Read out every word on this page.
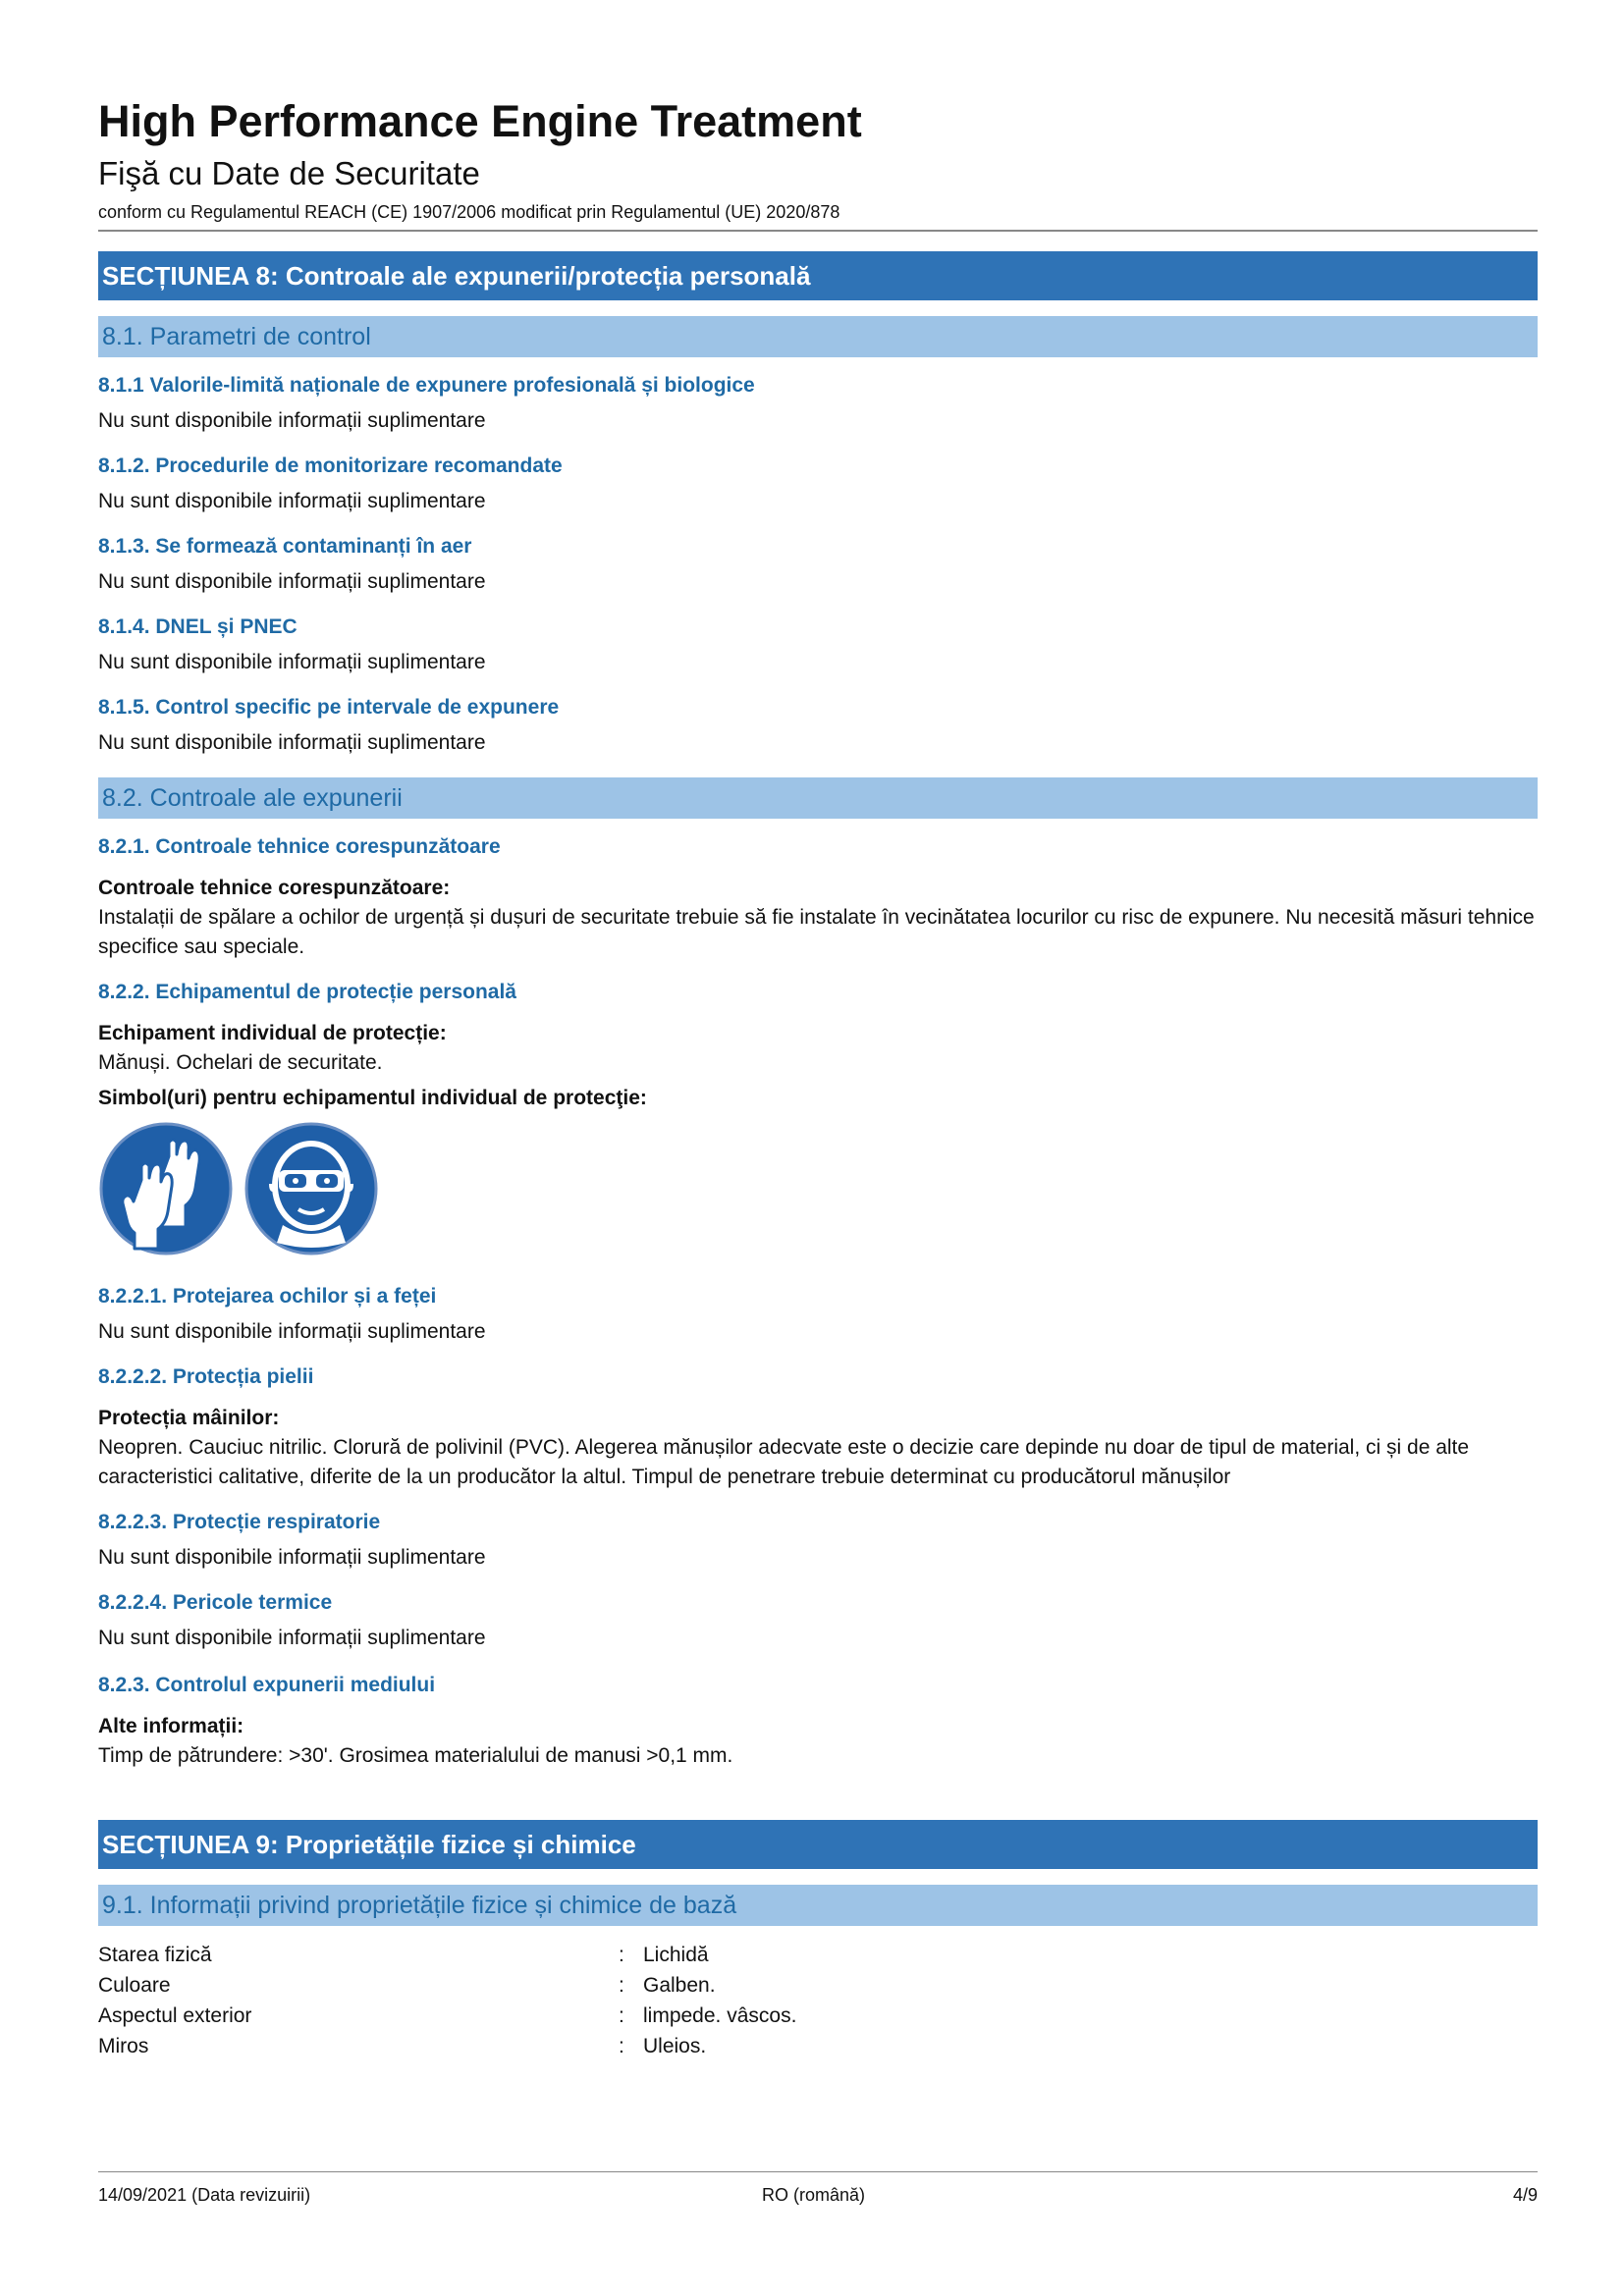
High Performance Engine Treatment
Fişă cu Date de Securitate
conform cu Regulamentul REACH (CE) 1907/2006 modificat prin Regulamentul (UE) 2020/878
SECȚIUNEA 8: Controale ale expunerii/protecția personală
8.1. Parametri de control
8.1.1 Valorile-limită naționale de expunere profesională și biologice
Nu sunt disponibile informații suplimentare
8.1.2. Procedurile de monitorizare recomandate
Nu sunt disponibile informații suplimentare
8.1.3. Se formează contaminanți în aer
Nu sunt disponibile informații suplimentare
8.1.4. DNEL și PNEC
Nu sunt disponibile informații suplimentare
8.1.5. Control specific pe intervale de expunere
Nu sunt disponibile informații suplimentare
8.2. Controale ale expunerii
8.2.1. Controale tehnice corespunzătoare
Controale tehnice corespunzătoare:
Instalații de spălare a ochilor de urgență și dușuri de securitate trebuie să fie instalate în vecinătatea locurilor cu risc de expunere. Nu necesită măsuri tehnice specifice sau speciale.
8.2.2. Echipamentul de protecție personală
Echipament individual de protecție:
Mănuși. Ochelari de securitate.
Simbol(uri) pentru echipamentul individual de protecţie:
8.2.2.1. Protejarea ochilor și a feței
Nu sunt disponibile informații suplimentare
8.2.2.2. Protecția pielii
Protecția mâinilor:
Neopren. Cauciuc nitrilic. Clorură de polivinil (PVC). Alegerea mănușilor adecvate este o decizie care depinde nu doar de tipul de material, ci și de alte caracteristici calitative, diferite de la un producător la altul. Timpul de penetrare trebuie determinat cu producătorul mănușilor
8.2.2.3. Protecție respiratorie
Nu sunt disponibile informații suplimentare
8.2.2.4. Pericole termice
Nu sunt disponibile informații suplimentare
8.2.3. Controlul expunerii mediului
Alte informații:
Timp de pătrundere: >30'. Grosimea materialului de manusi >0,1 mm.
SECȚIUNEA 9: Proprietățile fizice și chimice
9.1. Informații privind proprietățile fizice și chimice de bază
Starea fizică	: Lichidă
Culoare	: Galben.
Aspectul exterior	: limpede. vâscos.
Miros	: Uleios.
14/09/2021 (Data revizuirii)	RO (română)	4/9
